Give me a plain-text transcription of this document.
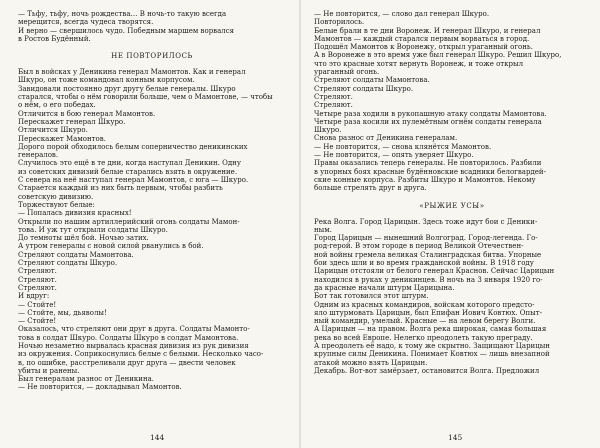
— Тьфу, тьфу, ночь рождества… В ночь-то такую всегда

мерещится, всегда чудеса творятся.

И верно — свершилось чудо. Победным маршем ворвался

в Ростов Будённый.

НЕ ПОВТОРИЛОСЬ

Был в войсках у Деникина генерал Мамонтов. Как и генерал

Шкуро, он тоже командовал конным корпусом.

Завидовали постоянно друг другу белые генералы. Шкуро

старался, чтобы о нём говорили больше, чем о Мамонтове, — чтобы

о нём, о его победах.

Отличится в бою генерал Мамонтов.

Перескажет генерал Шкуро.

Отличится Шкуро.

Перескажет Мамонтов.

Дорого порой обходилось белым соперничество деникинских

генералов.

Случилось это ещё в те дни, когда наступал Деникин. Одну

из советских дивизий белые старались взять в окружение.

С севера на неё наступал генерал Мамонтов, с юга — Шкуро.

Старается каждый из них быть первым, чтобы разбить

советскую дивизию.

Торжествуют белые:

— Попалась дивизия красных!

Открыли по нашим артиллерийский огонь солдаты Мамон-

това. И уж тут открыли солдаты Шкуро.

До темноты шёл бой. Ночью затих.

А утром генералы с новой силой рванулись в бой.

Стреляют солдаты Мамонтова.

Стреляют солдаты Шкуро.

Стреляют.

Стреляют.

Стреляют.

И вдруг:

— Стойте!

— Стойте, мы, дьяволы!

— Стойте!

Оказалось, что стреляют они друг в друга. Солдаты Мамонто-

това в солдат Шкуро. Солдаты Шкуро в солдат Мамонтова.

Ночью незаметно вырвалась красная дивизия из рук дивизия

из окружения. Соприкоснулись белые с белыми. Несколько часо-

в, по ошибке, расстреливали друг друга — двести человек

убиты и ранены.

Был генералам разнос от Деникина.

— Не повторится, — докладывал Мамонтов.

144

— Не повторится, — слово дал генерал Шкуро.

Повторилось.

Белые брали в те дни Воронеж. И генерал Шкуро, и генерал

Мамонтов — каждый старался первым ворваться в город.

Подошёл Мамонтов к Воронежу, открыл ураганный огонь.

А в Воронеже в это время уже был генерал Шкуро. Решил Шкуро,

что это красные хотят вернуть Воронеж, и тоже открыл

ураганный огонь.

Стреляют солдаты Мамонтова.

Стреляют солдаты Шкуро.

Стреляют.

Стреляют.

Четыре раза ходили в рукопашную атаку солдаты Мамонтова.

Четыре раза косили их пулемётным огнём солдаты генерала

Шкуро.

Снова разнос от Деникина генералам.

— Не повторится, — снова клянётся Мамонтов.

— Не повторится, — опять уверяет Шкуро.

Правы оказались теперь генералы. Не повторилось. Разбили

в упорных боях красные будённовские всадники белогвардей-

ские конные корпуса. Разбиты Шкуро и Мамонтов. Некому

больше стрелять друг в друга.

«РЫЖИЕ УСЫ»

Река Волга. Город Царицын. Здесь тоже идут бои с Деники-

ным.

Город Царицын — нынешний Волгоград. Город-легенда. Го-

род-герой. В этом городе в период Великой Отечествен-

ной войны гремела великая Сталинградская битва. Упорные

бои здесь шли и во время гражданской войны. В 1918 году

Царицын отстояли от белого генерал Краснов. Сейчас Царицын

находился в руках у деникинцев. В ночь на 3 января 1920 го-

да красные начали штурм Царицына.

Бот так готовился этот штурм.

Одним из красных командиров, войскам которого предсто-

яло штурмовать Царицын, был Епифан Иович Ковтюх. Опыт-

ный командир, умелый. Красные — на левом берегу Волги.

А Царицын — на правом. Волга река широкая, самая большая

река во всей Европе. Нелегко преодолеть такую преграду.

А преодолеть её надо, к тому же скрытно. Защищают Царицын

крупные силы Деникина. Понимает Ковтюх — лишь внезапной

атакой можно взять Царицын.

Декабрь. Вот-вот замёрзает, остановится Волга. Предложил

145
